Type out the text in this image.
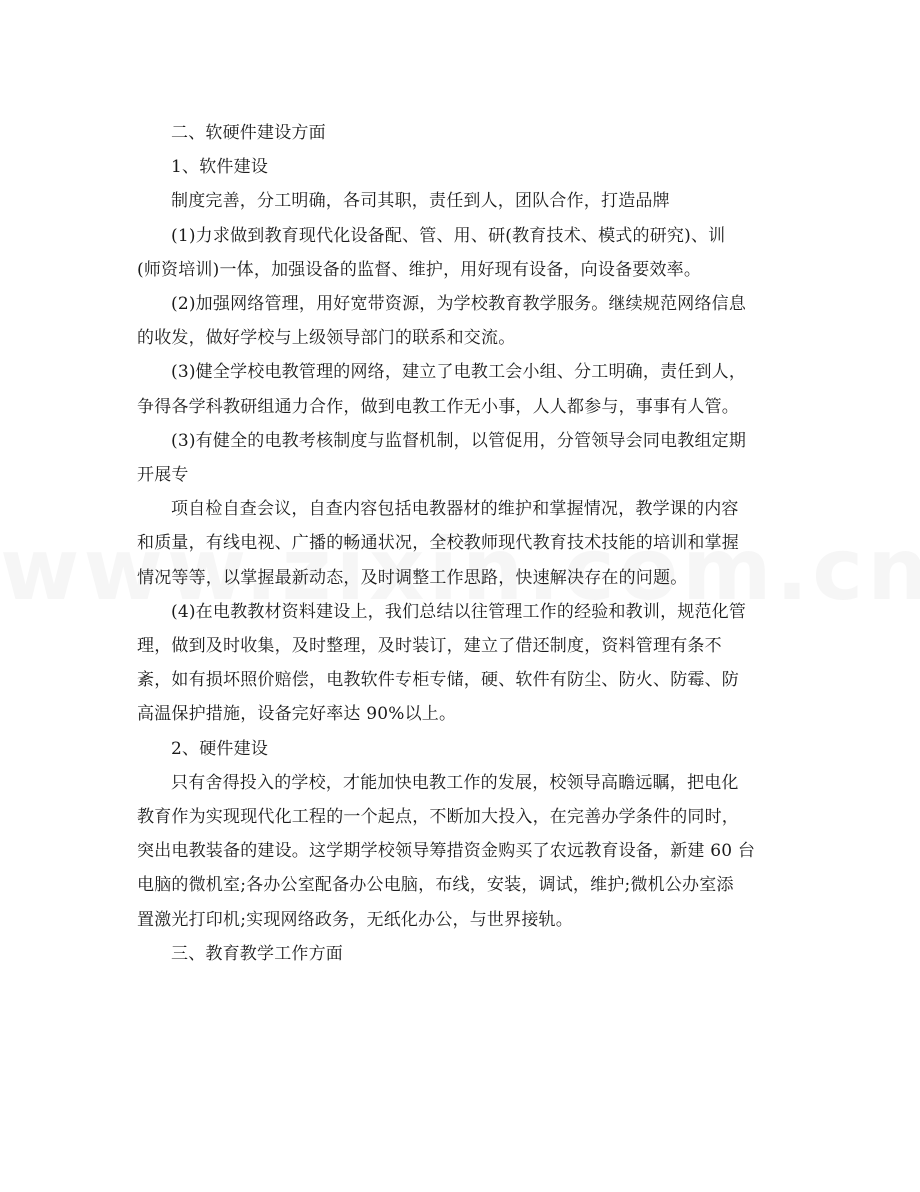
二、软硬件建设方面

1、软件建设

制度完善，分工明确，各司其职，责任到人，团队合作，打造品牌

(1)力求做到教育现代化设备配、管、用、研(教育技术、模式的研究)、训

(师资培训)一体，加强设备的监督、维护，用好现有设备，向设备要效率。

(2)加强网络管理，用好宽带资源，为学校教育教学服务。继续规范网络信息

的收发，做好学校与上级领导部门的联系和交流。

(3)健全学校电教管理的网络，建立了电教工会小组、分工明确，责任到人，

争得各学科教研组通力合作，做到电教工作无小事，人人都参与，事事有人管。

(3)有健全的电教考核制度与监督机制，以管促用，分管领导会同电教组定期

开展专

项自检自查会议，自查内容包括电教器材的维护和掌握情况，教学课的内容

和质量，有线电视、广播的畅通状况，全校教师现代教育技术技能的培训和掌握

情况等等，以掌握最新动态，及时调整工作思路，快速解决存在的问题。

(4)在电教教材资料建设上，我们总结以往管理工作的经验和教训，规范化管

理，做到及时收集，及时整理，及时装订，建立了借还制度，资料管理有条不

紊，如有损坏照价赔偿，电教软件专柜专储，硬、软件有防尘、防火、防霉、防

高温保护措施，设备完好率达 90%以上。

2、硬件建设

只有舍得投入的学校，才能加快电教工作的发展，校领导高瞻远瞩，把电化

教育作为实现现代化工程的一个起点，不断加大投入，在完善办学条件的同时，

突出电教装备的建设。这学期学校领导筹措资金购买了农远教育设备，新建 60 台

电脑的微机室;各办公室配备办公电脑，布线，安装，调试，维护;微机公办室添

置激光打印机;实现网络政务，无纸化办公，与世界接轨。

三、教育教学工作方面
